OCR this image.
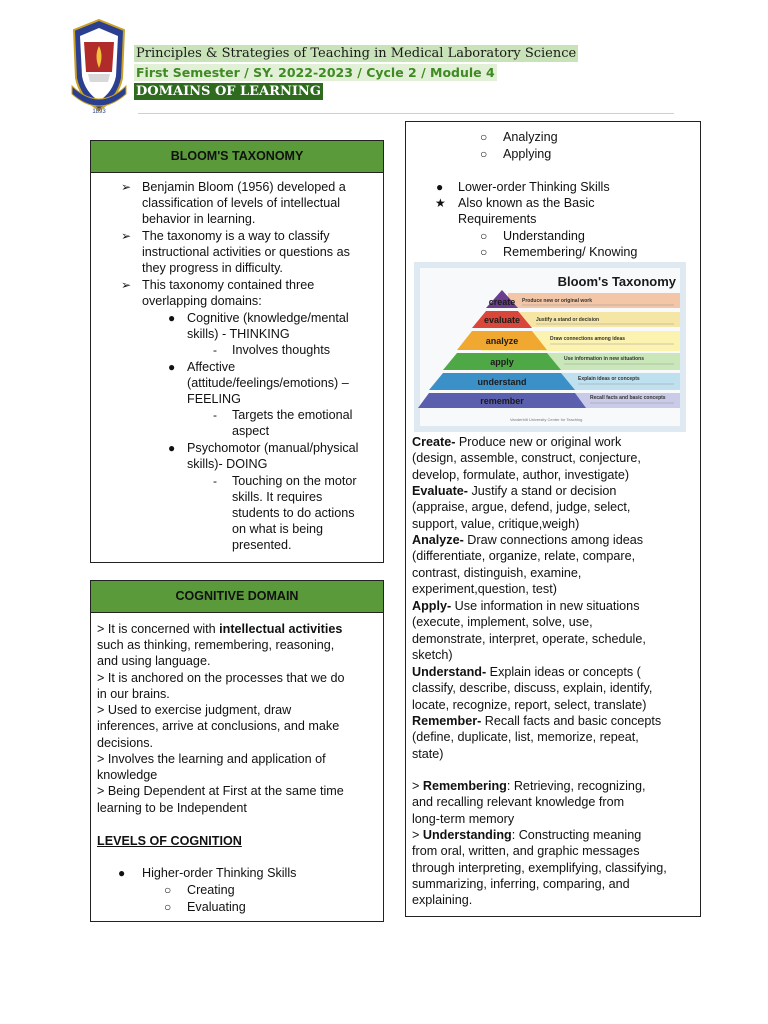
1893
Principles & Strategies of Teaching in Medical Laboratory Science
First Semester / SY. 2022-2023 / Cycle 2 / Module 4
DOMAINS OF LEARNING
BLOOM'S TAXONOMY
➢ Benjamin Bloom (1956) developed a
classification of levels of intellectual
behavior in learning.
➢ The taxonomy is a way to classify
instructional activities or questions as
they progress in difficulty.
➢ This taxonomy contained three
overlapping domains:
● Cognitive (knowledge/mental
skills) - THINKING
- Involves thoughts
● Affective
(attitude/feelings/emotions) –
FEELING
- Targets the emotional
aspect
● Psychomotor (manual/physical
skills)- DOING
- Touching on the motor
skills. It requires
students to do actions
on what is being
presented.
COGNITIVE DOMAIN
> It is concerned with intellectual activities
such as thinking, remembering, reasoning,
and using language.
> It is anchored on the processes that we do
in our brains.
> Used to exercise judgment, draw
inferences, arrive at conclusions, and make
decisions.
> Involves the learning and application of
knowledge
> Being Dependent at First at the same time
learning to be Independent
LEVELS OF COGNITION
● Higher-order Thinking Skills
○ Creating
○ Evaluating
○ Analyzing
○ Applying
● Lower-order Thinking Skills
★ Also known as the Basic
Requirements
○ Understanding
○ Remembering/ Knowing
Bloom's Taxonomy
create
evaluate
analyze
apply
understand
remember
Produce new or original work
Justify a stand or decision
Draw connections among ideas
Use information in new situations
Explain ideas or concepts
Recall facts and basic concepts
Vanderbilt University Center for Teaching
Create- Produce new or original work
(design, assemble, construct, conjecture,
develop, formulate, author, investigate)
Evaluate- Justify a stand or decision
(appraise, argue, defend, judge, select,
support, value, critique,weigh)
Analyze- Draw connections among ideas
(differentiate, organize, relate, compare,
contrast, distinguish, examine,
experiment,question, test)
Apply- Use information in new situations
(execute, implement, solve, use,
demonstrate, interpret, operate, schedule,
sketch)
Understand- Explain ideas or concepts (
classify, describe, discuss, explain, identify,
locate, recognize, report, select, translate)
Remember- Recall facts and basic concepts
(define, duplicate, list, memorize, repeat,
state)
> Remembering: Retrieving, recognizing,
and recalling relevant knowledge from
long-term memory
> Understanding: Constructing meaning
from oral, written, and graphic messages
through interpreting, exemplifying, classifying,
summarizing, inferring, comparing, and
explaining.
